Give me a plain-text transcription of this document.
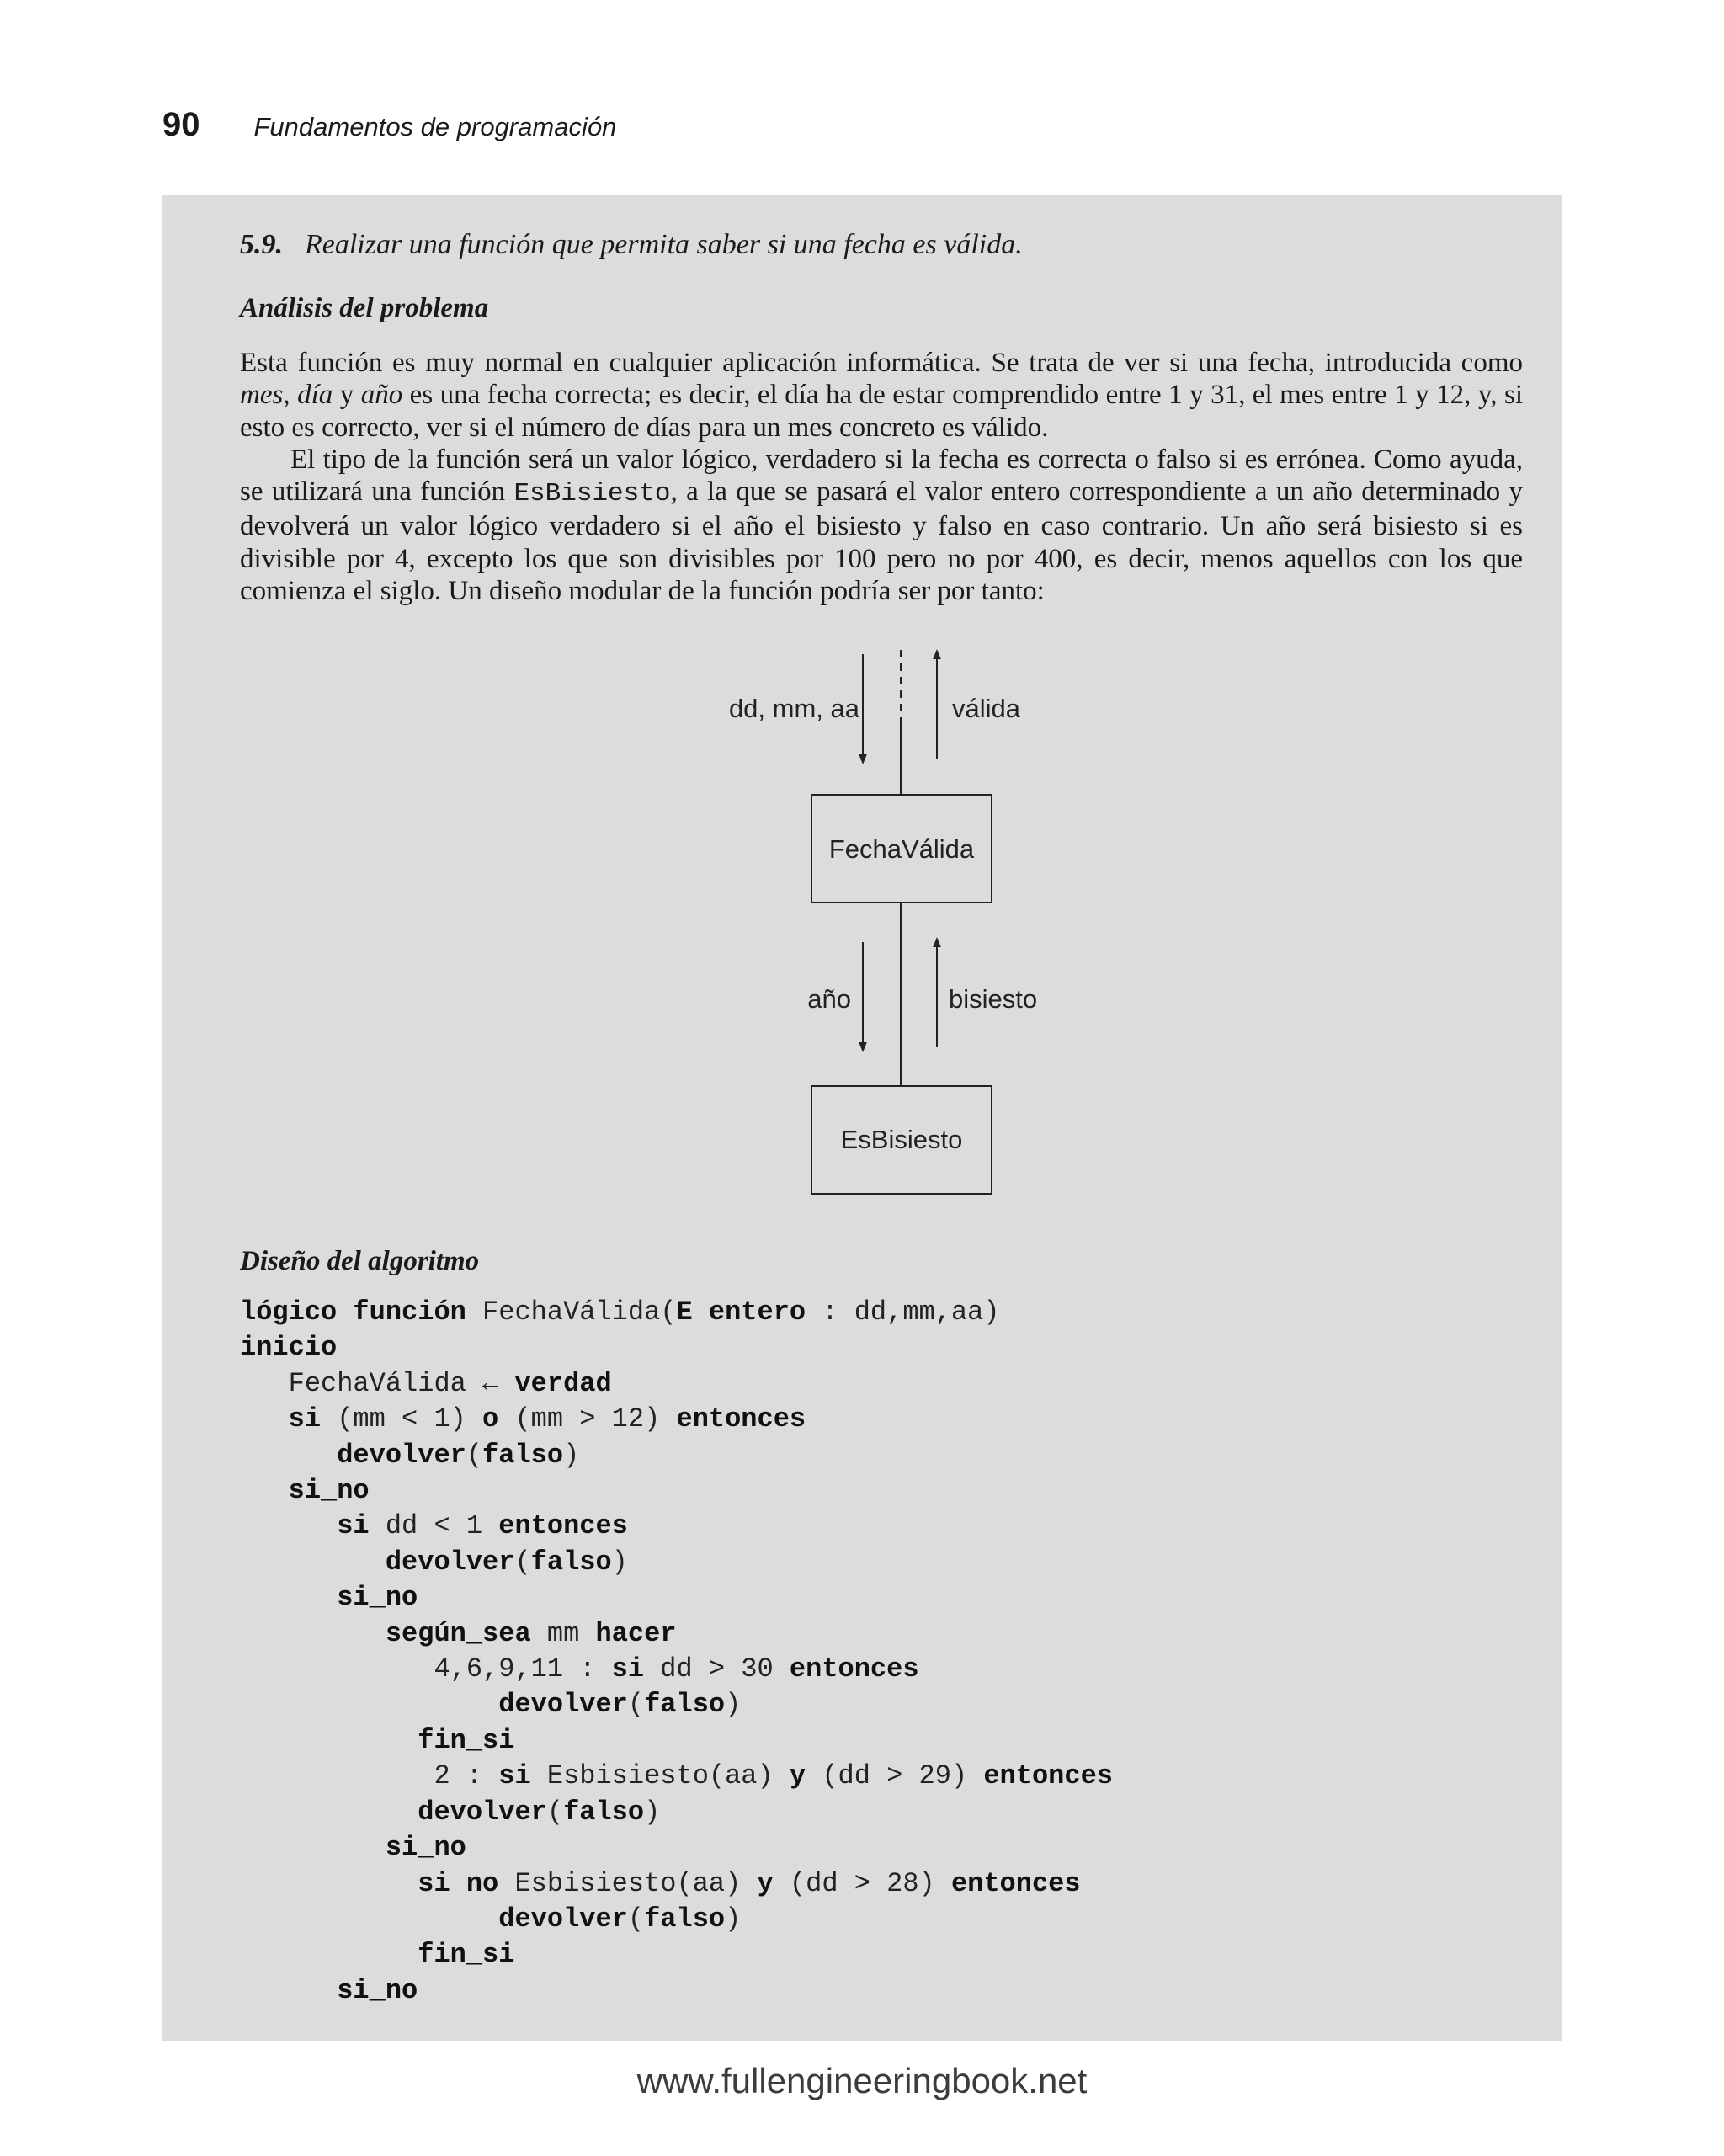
90 Fundamentos de programación
dd, mm, aa	válida
FechaVálida
año	bisiesto
EsBisiesto
5.9. Realizar una función que permita saber si una fecha es válida.
Análisis del problema

Esta función es muy normal en cualquier aplicación informática. Se trata de ver si una fecha, introducida como mes, día y año es una fecha correcta; es decir, el día ha de estar comprendido entre 1 y 31, el mes entre 1 y 12, y, si esto es correcto, ver si el número de días para un mes concreto es válido.

El tipo de la función será un valor lógico, verdadero si la fecha es correcta o falso si es errónea. Como ayuda, se utilizará una función EsBisiesto, a la que se pasará el valor entero correspondiente a un año determinado y devolverá un valor lógico verdadero si el año el bisiesto y falso en caso contrario. Un año será bisiesto si es divisible por 4, excepto los que son divisibles por 100 pero no por 400, es decir, menos aquellos con los que comienza el siglo. Un diseño modular de la función podría ser por tanto:

Diseño del algoritmo
lógico función FechaVálida(E entero : dd,mm,aa)
inicio
FechaVálida ← verdad
si (mm < 1) o (mm > 12) entonces
devolver(falso)
si_no
si dd < 1 entonces
devolver(falso)
si_no
según_sea mm hacer
4,6,9,11 : si dd > 30 entonces
devolver(falso)
fin_si
2 : si Esbisiesto(aa) y (dd > 29) entonces
devolver(falso)
si_no
si no Esbisiesto(aa) y (dd > 28) entonces
devolver(falso)
fin_si
si_no
www.fullengineeringbook.net
